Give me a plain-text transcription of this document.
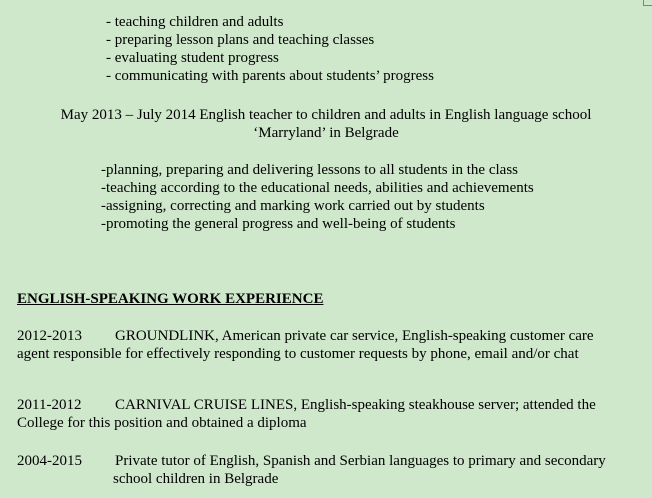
- teaching children and adults
- preparing lesson plans and teaching classes
- evaluating student progress
- communicating with parents about students’ progress
May 2013 – July 2014 English teacher to children and adults in English language school
‘Marryland’ in Belgrade
-planning, preparing and delivering lessons to all students in the class
-teaching according to the educational needs, abilities and achievements
-assigning, correcting and marking work carried out by students
-promoting the general progress and well-being of students
ENGLISH-SPEAKING WORK EXPERIENCE
2012-2013 GROUNDLINK, American private car service, English-speaking customer care
agent responsible for effectively responding to customer requests by phone, email and/or chat
2011-2012 CARNIVAL CRUISE LINES, English-speaking steakhouse server; attended the
College for this position and obtained a diploma
2004-2015 Private tutor of English, Spanish and Serbian languages to primary and secondary
school children in Belgrade
